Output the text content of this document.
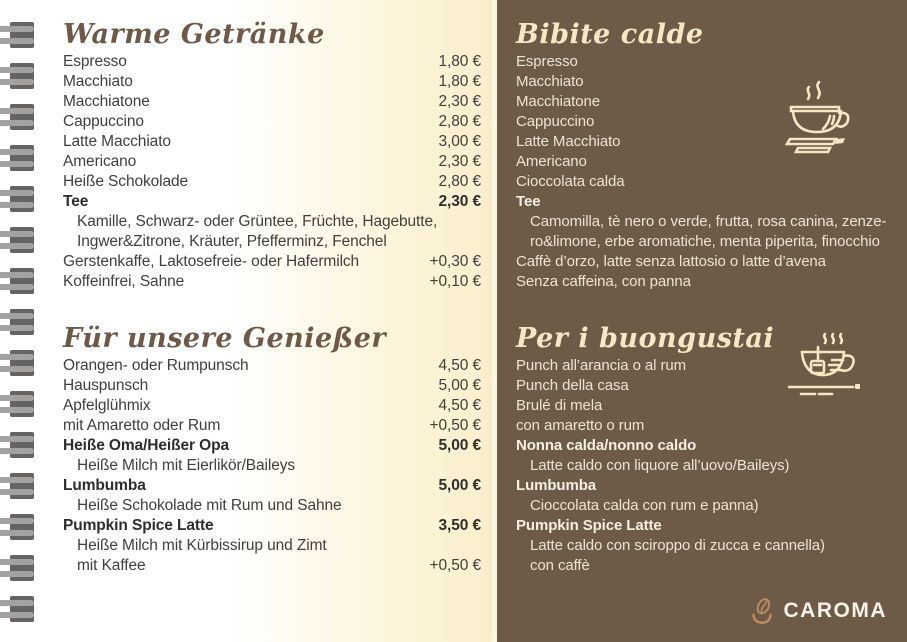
Warme Getränke
Espresso	1,80 €
Macchiato	1,80 €
Macchiatone	2,30 €
Cappuccino	2,80 €
Latte Macchiato	3,00 €
Americano	2,30 €
Heiße Schokolade	2,80 €
Tee	2,30 €
Kamille, Schwarz- oder Grüntee, Früchte, Hagebutte,
Ingwer&Zitrone, Kräuter, Pfefferminz, Fenchel
Gerstenkaffe, Laktosefreie- oder Hafermilch	+0,30 €
Koffeinfrei, Sahne	+0,10 €
Für unsere Genießer
Orangen- oder Rumpunsch	4,50 €
Hauspunsch	5,00 €
Apfelglühmix	4,50 €
mit Amaretto oder Rum	+0,50 €
Heiße Oma/Heißer Opa	5,00 €
Heiße Milch mit Eierlikör/Baileys
Lumbumba	5,00 €
Heiße Schokolade mit Rum und Sahne
Pumpkin Spice Latte	3,50 €
Heiße Milch mit Kürbissirup und Zimt
mit Kaffee	+0,50 €
Bibite calde
Espresso
Macchiato
Macchiatone
Cappuccino
Latte Macchiato
Americano
Cioccolata calda
Tee
Camomilla, tè nero o verde, frutta, rosa canina, zenze-
ro&limone, erbe aromatiche, menta piperita, finocchio
Caffè d’orzo, latte senza lattosio o latte d’avena
Senza caffeina, con panna
Per i buongustai
Punch all’arancia o al rum
Punch della casa
Brulé di mela
con amaretto o rum
Nonna calda/nonno caldo
Latte caldo con liquore all’uovo/Baileys)
Lumbumba
Cioccolata calda con rum e panna)
Pumpkin Spice Latte
Latte caldo con sciroppo di zucca e cannella)
con caffè
CAROMA
